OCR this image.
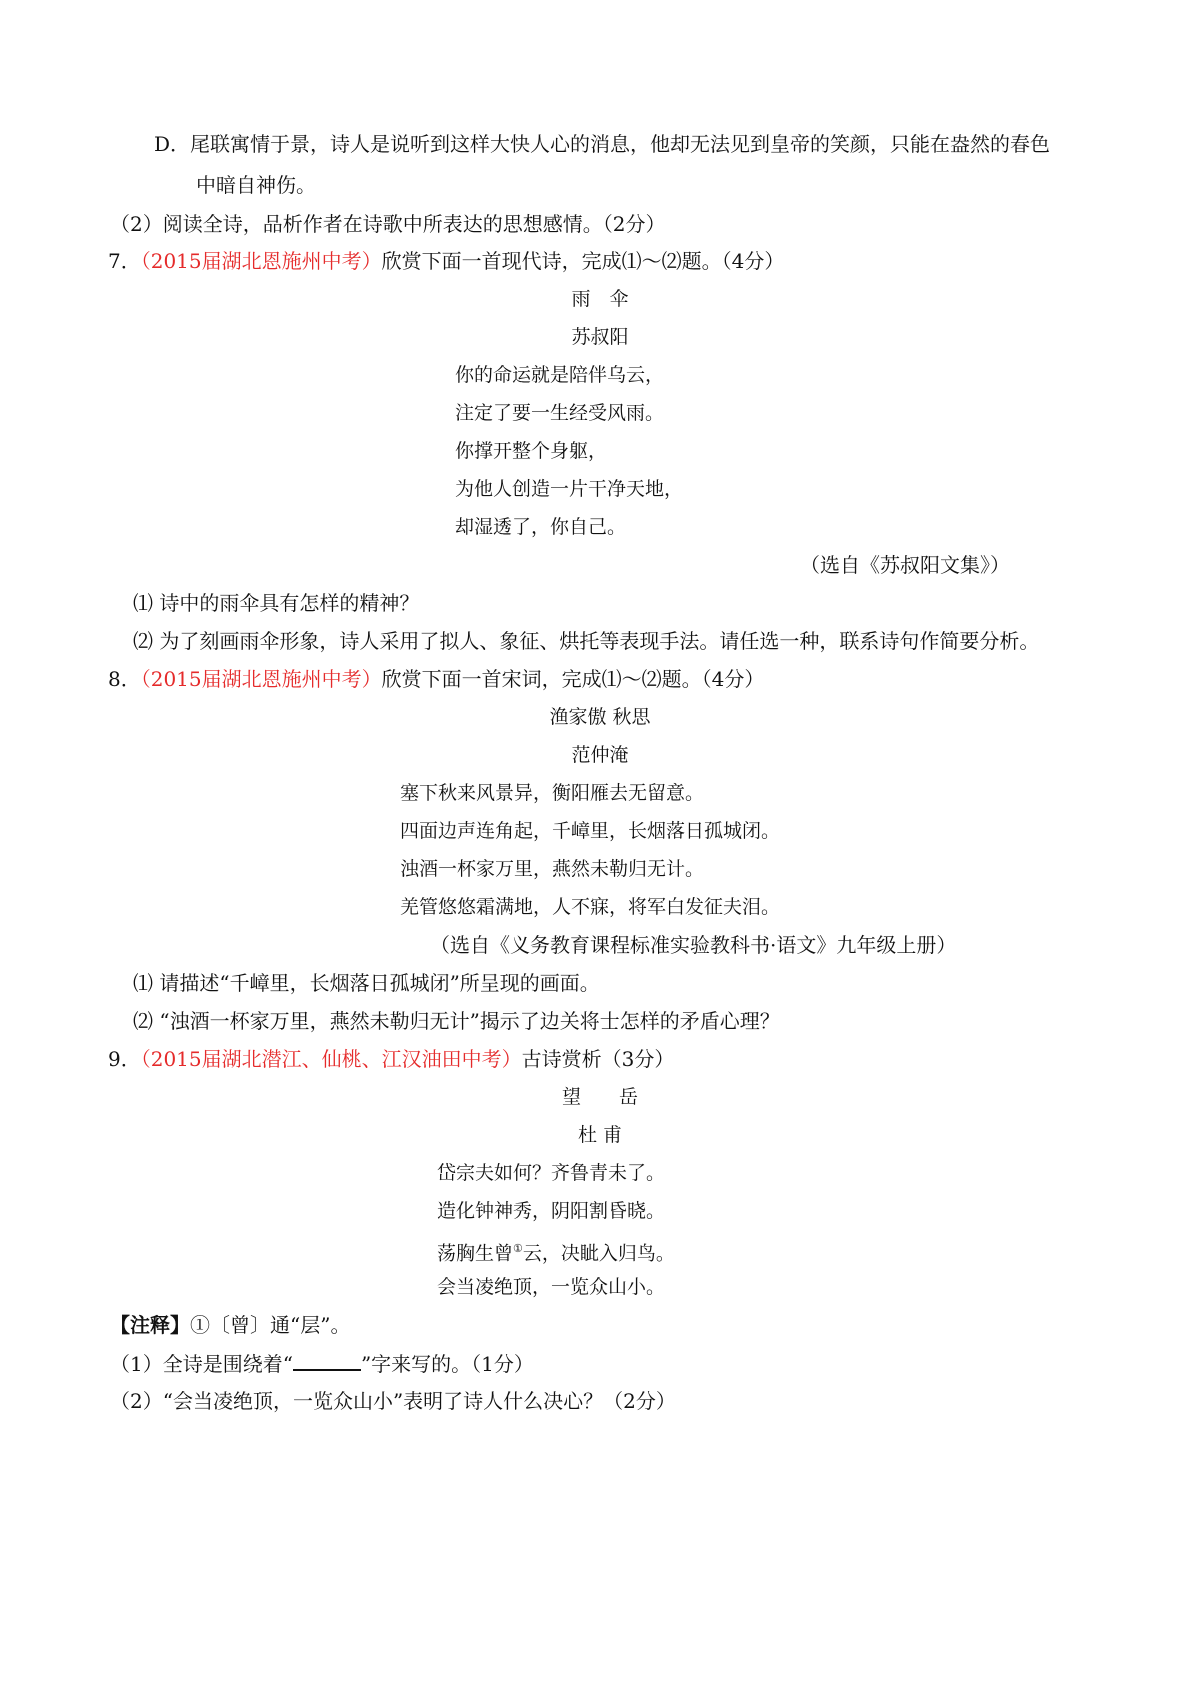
D．尾联寓情于景，诗人是说听到这样大快人心的消息，他却无法见到皇帝的笑颜，只能在盎然的春色
中暗自神伤。
（2）阅读全诗，品析作者在诗歌中所表达的思想感情。（2分）
7．（2015届湖北恩施州中考）欣赏下面一首现代诗，完成⑴～⑵题。（4分）
雨　伞
苏叔阳
你的命运就是陪伴乌云，
注定了要一生经受风雨。
你撑开整个身躯，
为他人创造一片干净天地，
却湿透了，你自己。
（选自《苏叔阳文集》）
⑴ 诗中的雨伞具有怎样的精神？
⑵ 为了刻画雨伞形象，诗人采用了拟人、象征、烘托等表现手法。请任选一种，联系诗句作简要分析。
8．（2015届湖北恩施州中考）欣赏下面一首宋词，完成⑴～⑵题。（4分）
渔家傲 秋思
范仲淹
塞下秋来风景异，衡阳雁去无留意。
四面边声连角起，千嶂里，长烟落日孤城闭。
浊酒一杯家万里，燕然未勒归无计。
羌管悠悠霜满地，人不寐，将军白发征夫泪。
（选自《义务教育课程标准实验教科书·语文》九年级上册）
⑴ 请描述“千嶂里，长烟落日孤城闭”所呈现的画面。
⑵ “浊酒一杯家万里，燕然未勒归无计”揭示了边关将士怎样的矛盾心理？
9．（2015届湖北潜江、仙桃、江汉油田中考）古诗赏析（3分）
望　　岳
杜 甫
岱宗夫如何？齐鲁青未了。
造化钟神秀，阴阳割昏晓。
荡胸生曾①云，决眦入归鸟。
会当凌绝顶，一览众山小。
【注释】①〔曾〕通“层”。
（1）全诗是围绕着“	”字来写的。（1分）
（2）“会当凌绝顶，一览众山小”表明了诗人什么决心？（2分）
